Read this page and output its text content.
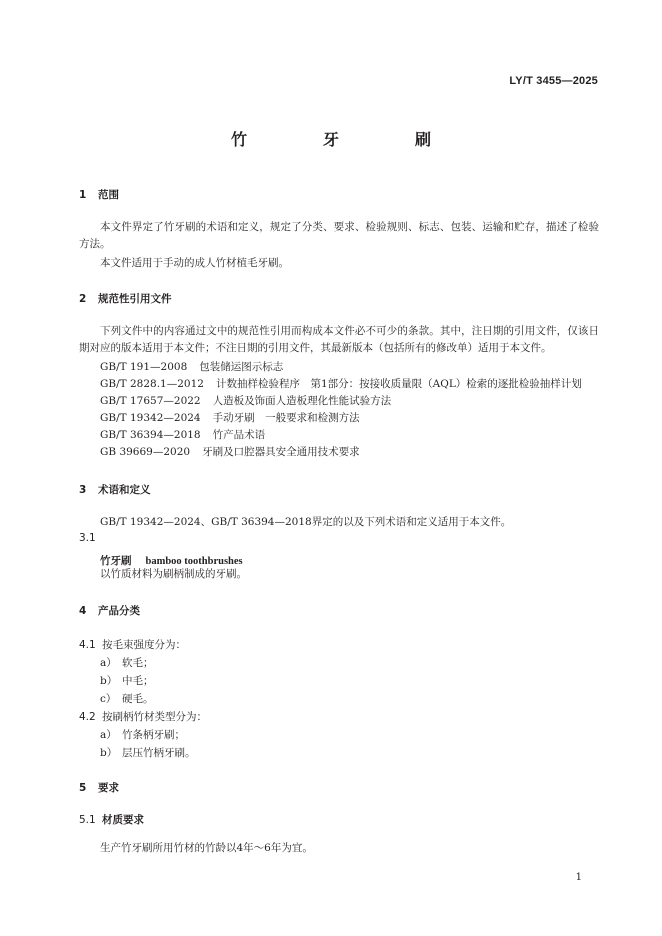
LY/T 3455—2025
竹　牙　刷
1 范围
本文件界定了竹牙刷的术语和定义，规定了分类、要求、检验规则、标志、包装、运输和贮存，描述了检验方法。
本文件适用于手动的成人竹材植毛牙刷。
2 规范性引用文件
下列文件中的内容通过文中的规范性引用而构成本文件必不可少的条款。其中，注日期的引用文件，仅该日期对应的版本适用于本文件；不注日期的引用文件，其最新版本（包括所有的修改单）适用于本文件。
GB/T 191—2008 包装储运图示标志
GB/T 2828.1—2012 计数抽样检验程序　第1部分：按接收质量限（AQL）检索的逐批检验抽样计划
GB/T 17657—2022 人造板及饰面人造板理化性能试验方法
GB/T 19342—2024 手动牙刷　一般要求和检测方法
GB/T 36394—2018 竹产品术语
GB 39669—2020 牙刷及口腔器具安全通用技术要求
3 术语和定义
GB/T 19342—2024、GB/T 36394—2018界定的以及下列术语和定义适用于本文件。
3.1
竹牙刷 bamboo toothbrushes
以竹质材料为刷柄制成的牙刷。
4 产品分类
4.1 按毛束强度分为：
a） 软毛；
b） 中毛；
c） 硬毛。
4.2 按刷柄竹材类型分为：
a） 竹条柄牙刷；
b） 层压竹柄牙刷。
5 要求
5.1 材质要求
生产竹牙刷所用竹材的竹龄以4年～6年为宜。
1
